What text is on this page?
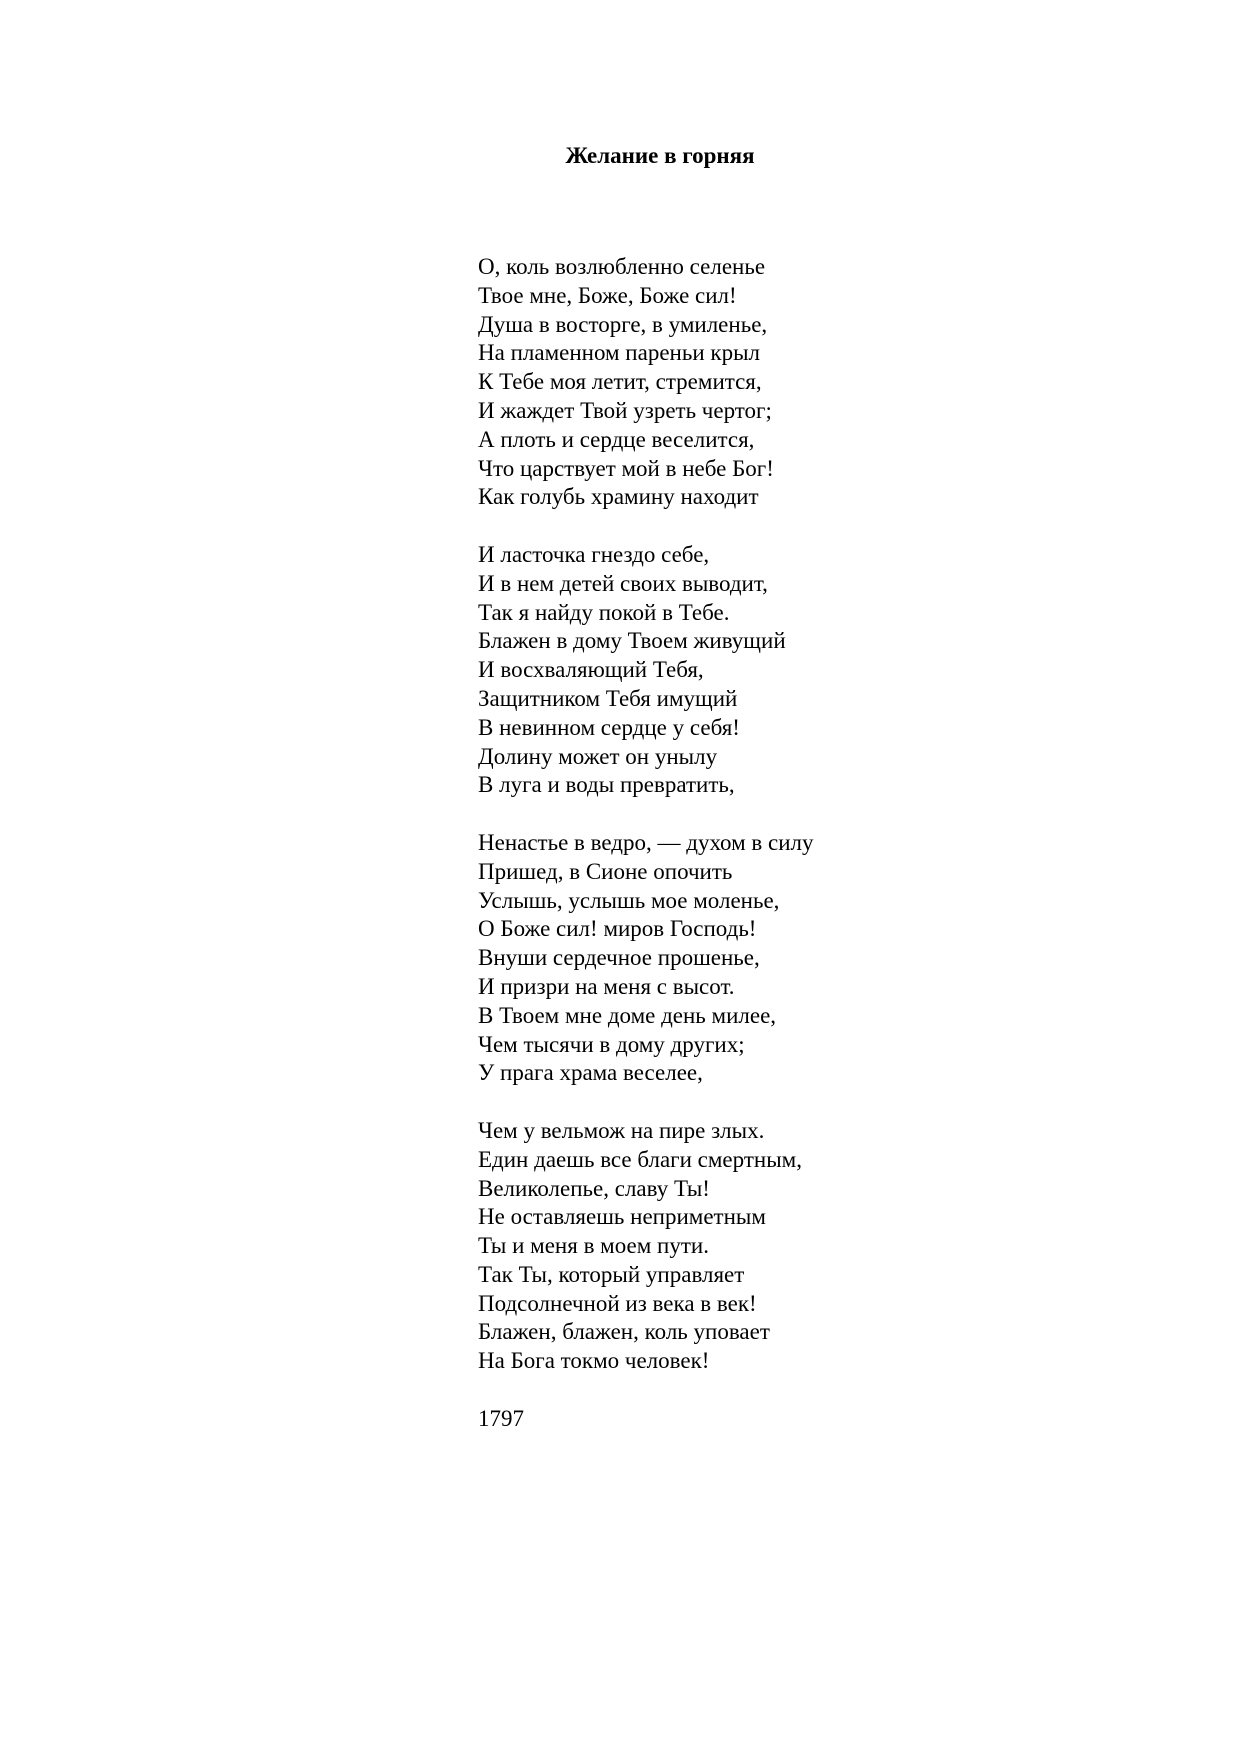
Желание в горняя
О, коль возлюбленно селенье
Твое мне, Боже, Боже сил!
Душа в восторге, в умиленье,
На пламенном пареньи крыл
К Тебе моя летит, стремится,
И жаждет Твой узреть чертог;
А плоть и сердце веселится,
Что царствует мой в небе Бог!
Как голубь храмину находит
И ласточка гнездо себе,
И в нем детей своих выводит,
Так я найду покой в Тебе.
Блажен в дому Твоем живущий
И восхваляющий Тебя,
Защитником Тебя имущий
В невинном сердце у себя!
Долину может он унылу
В луга и воды превратить,
Ненастье в ведро, — духом в силу
Пришед, в Сионе опочить
Услышь, услышь мое моленье,
О Боже сил! миров Господь!
Внуши сердечное прошенье,
И призри на меня с высот.
В Твоем мне доме день милее,
Чем тысячи в дому других;
У прага храма веселее,
Чем у вельмож на пире злых.
Един даешь все благи смертным,
Великолепье, славу Ты!
Не оставляешь неприметным
Ты и меня в моем пути.
Так Ты, который управляет
Подсолнечной из века в век!
Блажен, блажен, коль уповает
На Бога токмо человек!
1797
